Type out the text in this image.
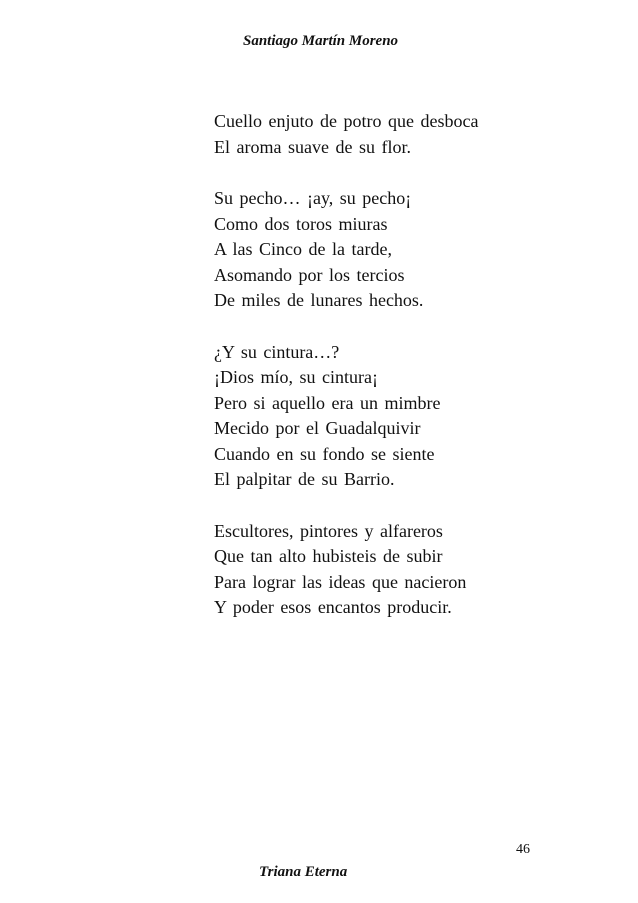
Santiago Martín Moreno
Cuello enjuto de potro que desboca
El aroma suave de su flor.
Su pecho… ¡ay, su pecho¡
Como dos toros miuras
A las Cinco de la tarde,
Asomando por los tercios
De miles de lunares hechos.
¿Y su cintura…?
¡Dios mío, su cintura¡
Pero si aquello era un mimbre
Mecido por el Guadalquivir
Cuando en su fondo se siente
El palpitar de su Barrio.
Escultores, pintores y alfareros
Que tan alto hubisteis de subir
Para lograr las ideas que nacieron
Y poder esos encantos producir.
46
Triana Eterna
